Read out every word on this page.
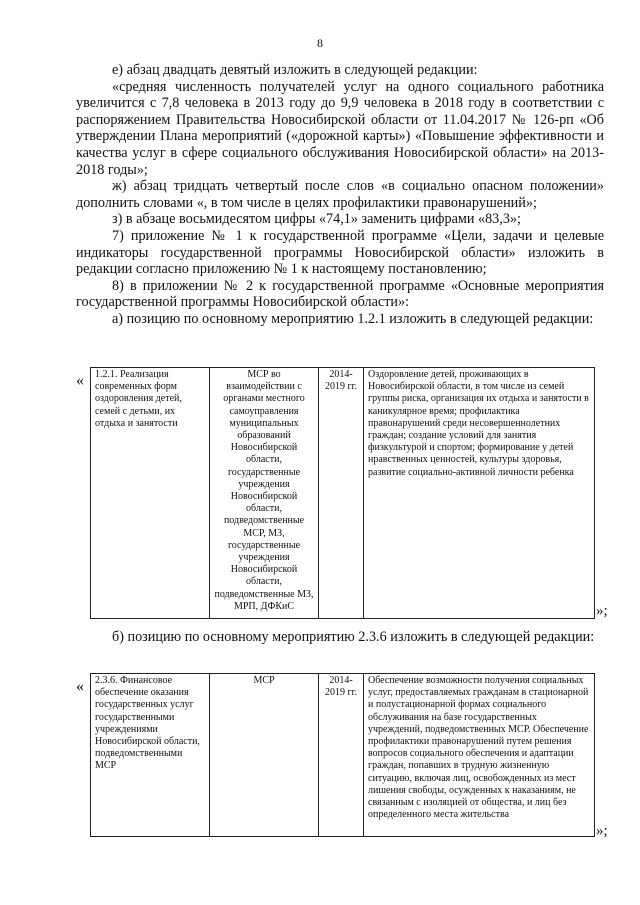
8

е) абзац двадцать девятый изложить в следующей редакции:

«средняя численность получателей услуг на одного социального работника увеличится с 7,8 человека в 2013 году до 9,9 человека в 2018 году в соответствии с распоряжением Правительства Новосибирской области от 11.04.2017 № 126-рп «Об утверждении Плана мероприятий («дорожной карты») «Повышение эффективности и качества услуг в сфере социального обслуживания Новосибирской области» на 2013-2018 годы»;

ж) абзац тридцать четвертый после слов «в социально опасном положении» дополнить словами «, в том числе в целях профилактики правонарушений»;

з) в абзаце восьмидесятом цифры «74,1» заменить цифрами «83,3»;

7) приложение № 1 к государственной программе «Цели, задачи и целевые индикаторы государственной программы Новосибирской области» изложить в редакции согласно приложению № 1 к настоящему постановлению;

8) в приложении № 2 к государственной программе «Основные мероприятия государственной программы Новосибирской области»:

а) позицию по основному мероприятию 1.2.1 изложить в следующей редакции:

« 1.2.1. Реализация современных форм оздоровления детей, семей с детьми, их отдыха и занятости	МСР во взаимодействии с органами местного самоуправления муниципальных образований Новосибирской области, государственные учреждения Новосибирской области, подведомственные МСР, МЗ, государственные учреждения Новосибирской области, подведомственные МЗ, МРП, ДФКиС	2014-2019 гг.	Оздоровление детей, проживающих в Новосибирской области, в том числе из семей группы риска, организация их отдыха и занятости в каникулярное время; профилактика правонарушений среди несовершеннолетних граждан; создание условий для занятия физкультурой и спортом; формирование у детей нравственных ценностей, культуры здоровья, развитие социально-активной личности ребенка
»;

б) позицию по основному мероприятию 2.3.6 изложить в следующей редакции:

« 2.3.6. Финансовое обеспечение оказания государственных услуг государственными учреждениями Новосибирской области, подведомственными МСР	МСР	2014-2019 гг.	Обеспечение возможности получения социальных услуг, предоставляемых гражданам в стационарной и полустационарной формах социального обслуживания на базе государственных учреждений, подведомственных МСР. Обеспечение профилактики правонарушений путем решения вопросов социального обеспечения и адаптации граждан, попавших в трудную жизненную ситуацию, включая лиц, освобожденных из мест лишения свободы, осужденных к наказаниям, не связанным с изоляцией от общества, и лиц без определенного места жительства
»;
